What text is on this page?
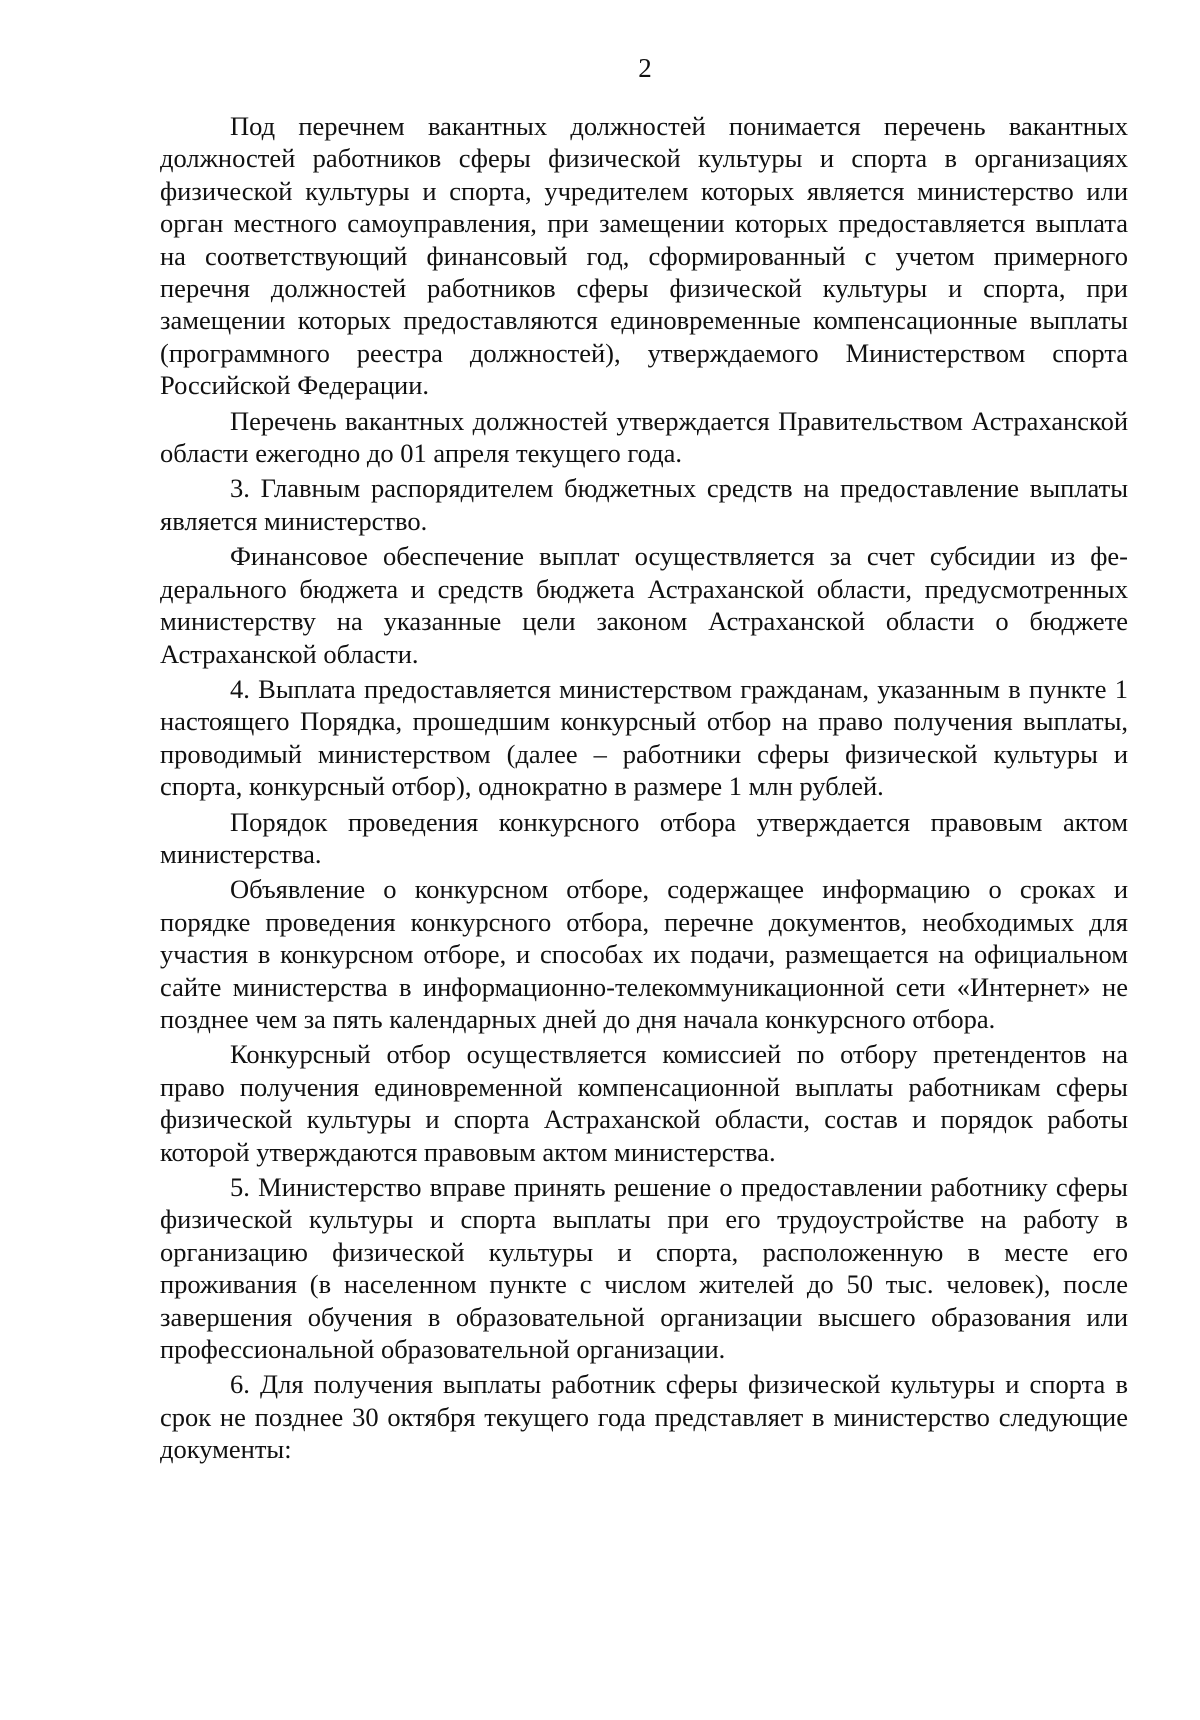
2

Под перечнем вакантных должностей понимается перечень вакантных должностей работников сферы физической культуры и спорта в организациях физической культуры и спорта, учредителем которых является министерство или орган местного самоуправления, при замещении которых предоставляется выплата на соответствующий финансовый год, сформированный с учетом примерного перечня должностей работников сферы физической культуры и спорта, при замещении которых предоставляются единовременные компенсационные выплаты (программного реестра должностей), утверждаемого Министерством спорта Российской Федерации.

Перечень вакантных должностей утверждается Правительством Астраханской области ежегодно до 01 апреля текущего года.

3. Главным распорядителем бюджетных средств на предоставление выплаты является министерство.

Финансовое обеспечение выплат осуществляется за счет субсидии из федерального бюджета и средств бюджета Астраханской области, предусмотренных министерству на указанные цели законом Астраханской области о бюджете Астраханской области.

4. Выплата предоставляется министерством гражданам, указанным в пункте 1 настоящего Порядка, прошедшим конкурсный отбор на право получения выплаты, проводимый министерством (далее – работники сферы физической культуры и спорта, конкурсный отбор), однократно в размере 1 млн рублей.

Порядок проведения конкурсного отбора утверждается правовым актом министерства.

Объявление о конкурсном отборе, содержащее информацию о сроках и порядке проведения конкурсного отбора, перечне документов, необходимых для участия в конкурсном отборе, и способах их подачи, размещается на официальном сайте министерства в информационно-телекоммуникационной сети «Интернет» не позднее чем за пять календарных дней до дня начала конкурсного отбора.

Конкурсный отбор осуществляется комиссией по отбору претендентов на право получения единовременной компенсационной выплаты работникам сферы физической культуры и спорта Астраханской области, состав и порядок работы которой утверждаются правовым актом министерства.

5. Министерство вправе принять решение о предоставлении работнику сферы физической культуры и спорта выплаты при его трудоустройстве на работу в организацию физической культуры и спорта, расположенную в месте его проживания (в населенном пункте с числом жителей до 50 тыс. человек), после завершения обучения в образовательной организации высшего образования или профессиональной образовательной организации.

6. Для получения выплаты работник сферы физической культуры и спорта в срок не позднее 30 октября текущего года представляет в министерство следующие документы:
